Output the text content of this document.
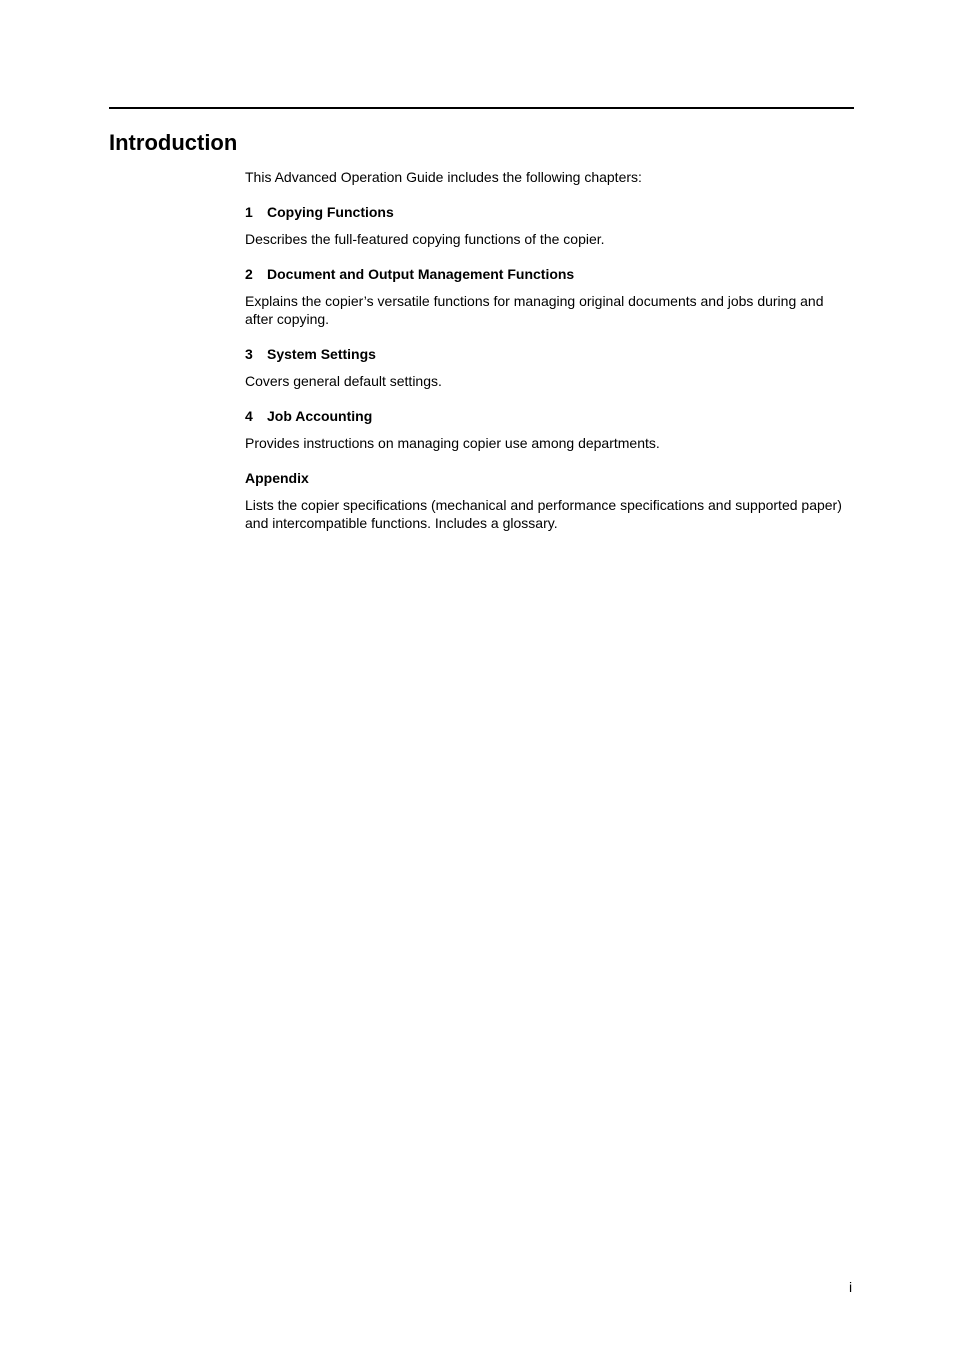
Introduction

This Advanced Operation Guide includes the following chapters:

1 Copying Functions

Describes the full-featured copying functions of the copier.

2 Document and Output Management Functions

Explains the copier’s versatile functions for managing original documents and jobs during and after copying.

3 System Settings

Covers general default settings.

4 Job Accounting

Provides instructions on managing copier use among departments.

Appendix

Lists the copier specifications (mechanical and performance specifications and supported paper) and intercompatible functions. Includes a glossary.

i
